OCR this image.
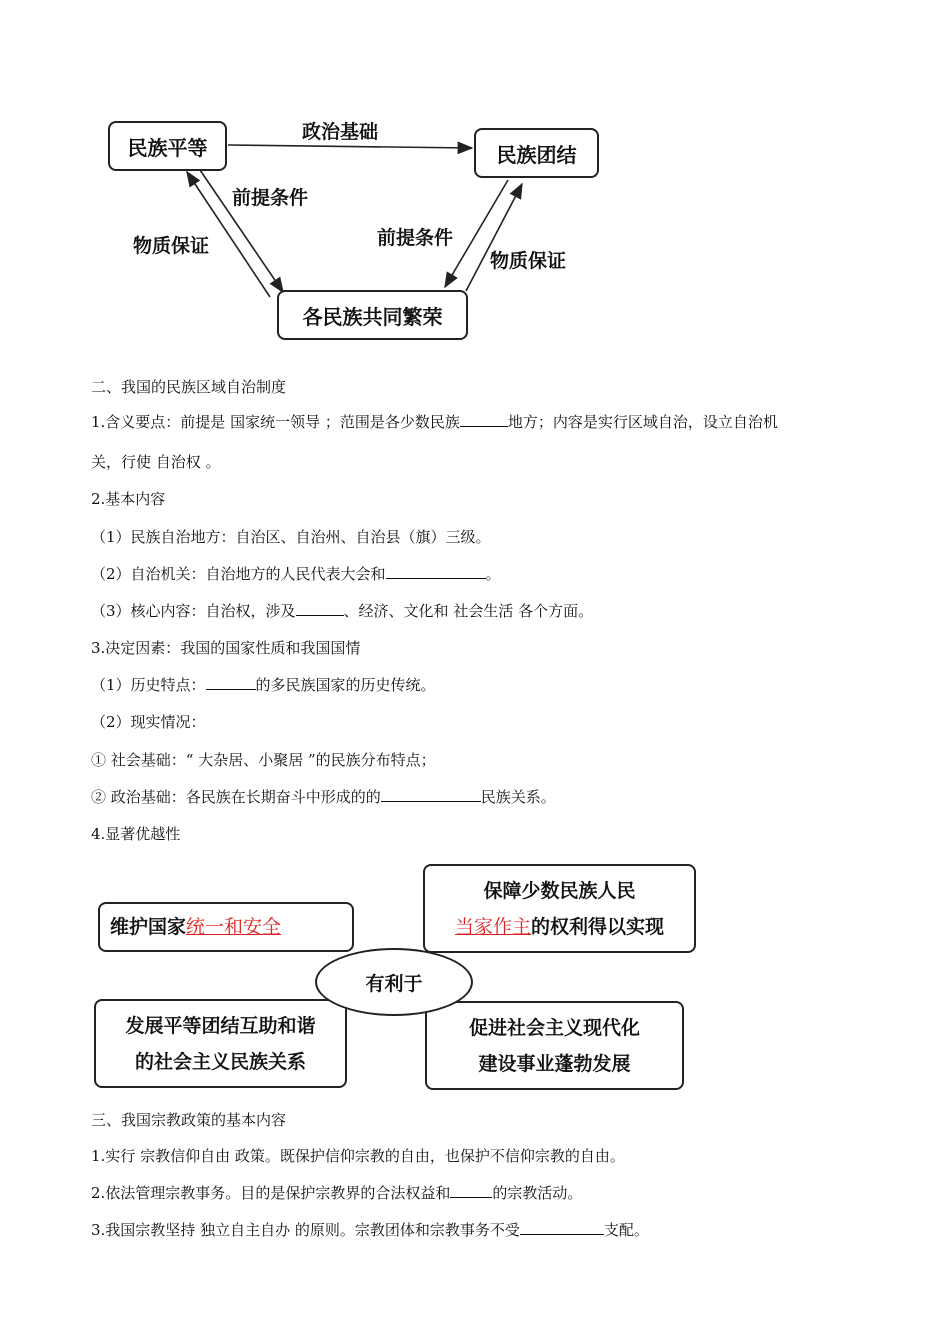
民族平等	民族团结
各民族共同繁荣
政治基础
前提条件
物质保证	前提条件
物质保证
二、我国的民族区域自治制度
1.含义要点：前提是 国家统一领导 ；范围是各少数民族	地方；内容是实行区域自治，设立自治机
关，行使 自治权 。
2.基本内容
（1）民族自治地方：自治区、自治州、自治县（旗）三级。
（2）自治机关：自治地方的人民代表大会和	。
（3）核心内容：自治权，涉及	、经济、文化和 社会生活 各个方面。
3.决定因素：我国的国家性质和我国国情
（1）历史特点：	的多民族国家的历史传统。
（2）现实情况：
① 社会基础：“ 大杂居、小聚居 ”的民族分布特点；
② 政治基础：各民族在长期奋斗中形成的的	民族关系。
4.显著优越性
维护国家 统一和安全
保障少数民族人民
当家作主的权利得以实现
发展平等团结互助和谐
的社会主义民族关系
促进社会主义现代化
建设事业蓬勃发展
有利于
三、我国宗教政策的基本内容
1.实行 宗教信仰自由 政策。既保护信仰宗教的自由，也保护不信仰宗教的自由。
2.依法管理宗教事务。目的是保护宗教界的合法权益和	的宗教活动。
3.我国宗教坚持 独立自主自办 的原则。宗教团体和宗教事务不受	支配。
